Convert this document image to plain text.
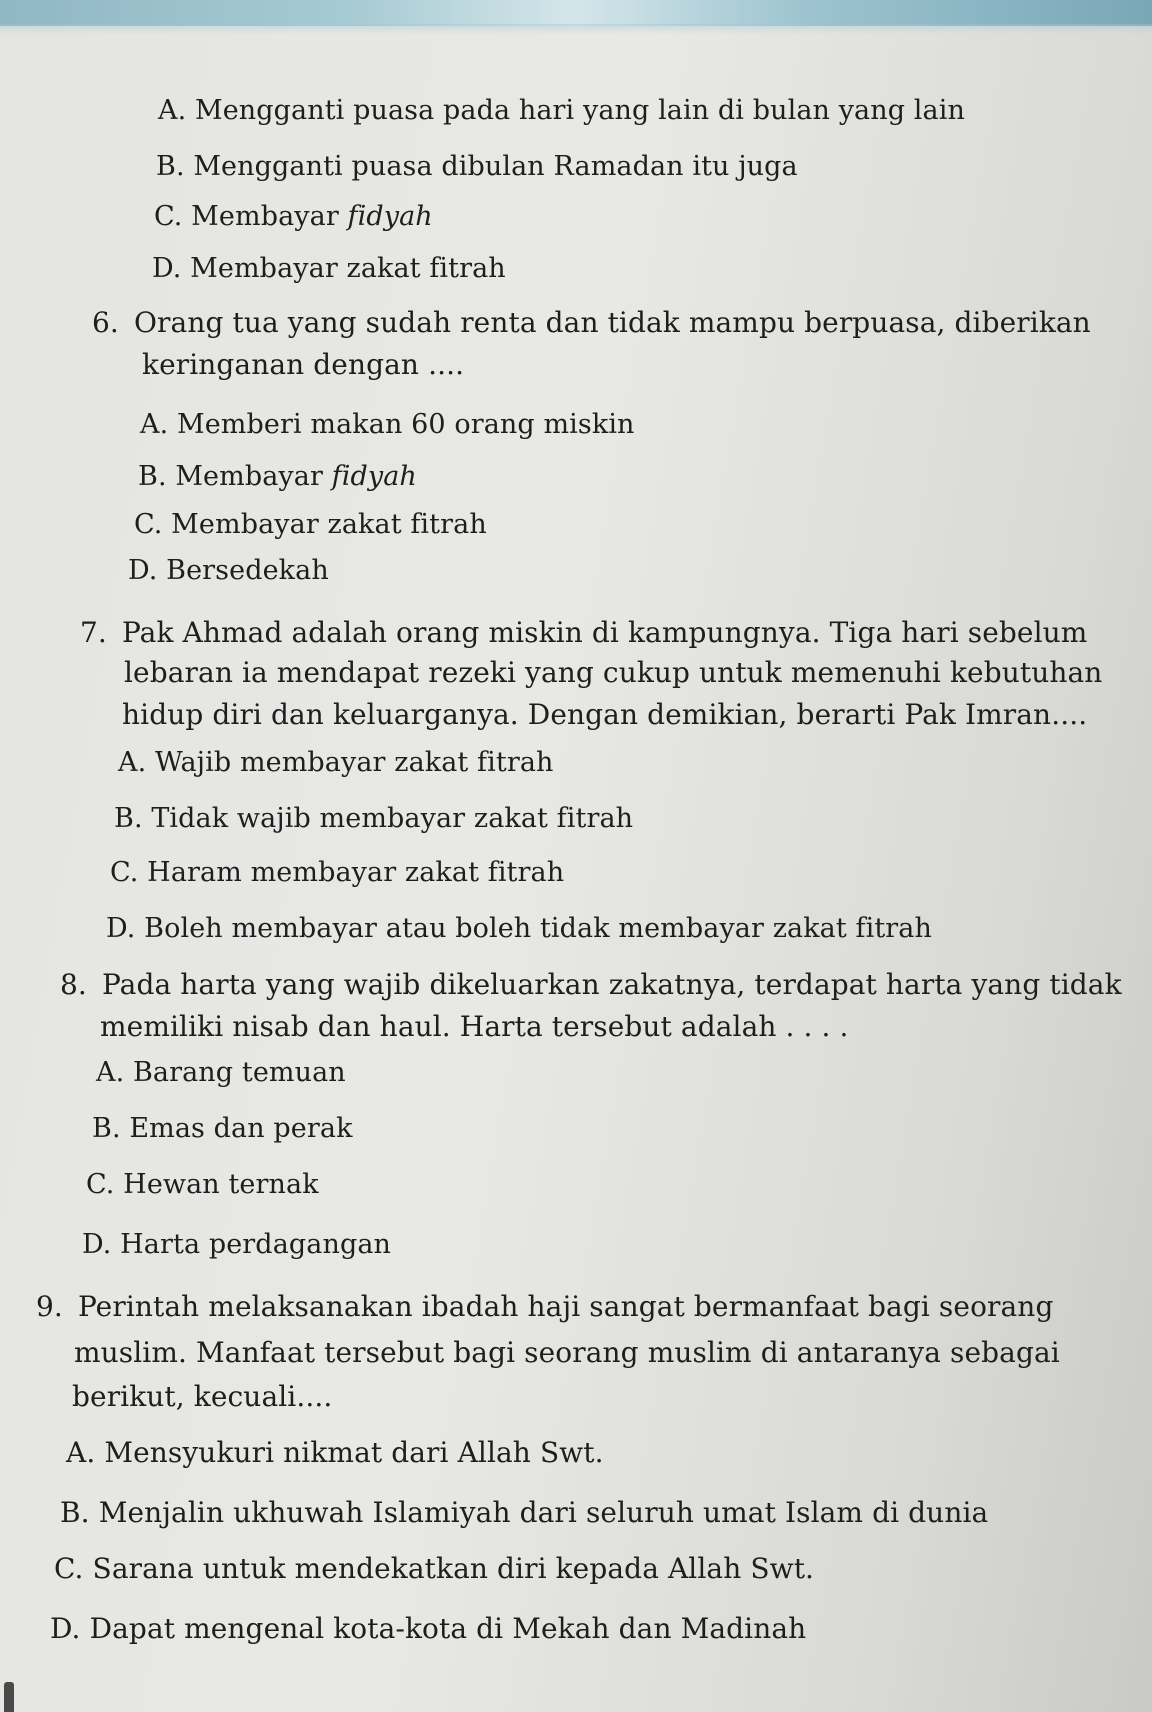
A. Mengganti puasa pada hari yang lain di bulan yang lain
B. Mengganti puasa dibulan Ramadan itu juga
C. Membayar fidyah
D. Membayar zakat fitrah
6. Orang tua yang sudah renta dan tidak mampu berpuasa, diberikan
keringanan dengan ....
A. Memberi makan 60 orang miskin
B. Membayar fidyah
C. Membayar zakat fitrah
D. Bersedekah
7. Pak Ahmad adalah orang miskin di kampungnya. Tiga hari sebelum
lebaran ia mendapat rezeki yang cukup untuk memenuhi kebutuhan
hidup diri dan keluarganya. Dengan demikian, berarti Pak Imran....
A. Wajib membayar zakat fitrah
B. Tidak wajib membayar zakat fitrah
C. Haram membayar zakat fitrah
D. Boleh membayar atau boleh tidak membayar zakat fitrah
8. Pada harta yang wajib dikeluarkan zakatnya, terdapat harta yang tidak
memiliki nisab dan haul. Harta tersebut adalah . . . .
A. Barang temuan
B. Emas dan perak
C. Hewan ternak
D. Harta perdagangan
9. Perintah melaksanakan ibadah haji sangat bermanfaat bagi seorang
muslim. Manfaat tersebut bagi seorang muslim di antaranya sebagai
berikut, kecuali....
A. Mensyukuri nikmat dari Allah Swt.
B. Menjalin ukhuwah Islamiyah dari seluruh umat Islam di dunia
C. Sarana untuk mendekatkan diri kepada Allah Swt.
D. Dapat mengenal kota-kota di Mekah dan Madinah
